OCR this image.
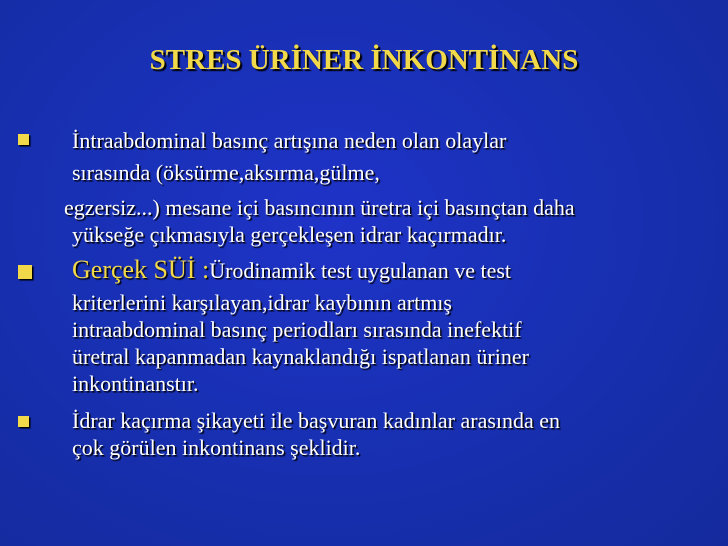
STRES ÜRİNER İNKONTİNANS
İntraabdominal basınç artışına neden olan olaylar
sırasında (öksürme,aksırma,gülme,
egzersiz...) mesane içi basıncının üretra içi basınçtan daha
yükseğe çıkmasıyla gerçekleşen idrar kaçırmadır.
Gerçek SÜİ :Ürodinamik test uygulanan ve test
kriterlerini karşılayan,idrar kaybının artmış
intraabdominal basınç periodları sırasında inefektif
üretral kapanmadan kaynaklandığı ispatlanan üriner
inkontinanstır.
İdrar kaçırma şikayeti ile başvuran kadınlar arasında en
çok görülen inkontinans şeklidir.
